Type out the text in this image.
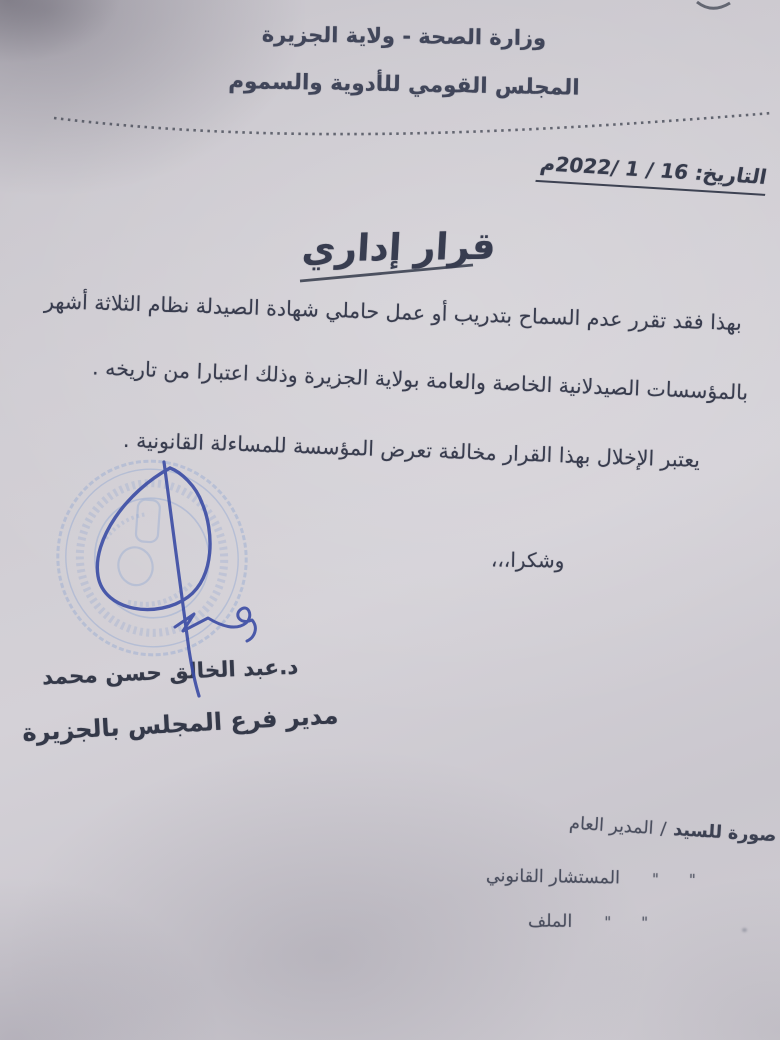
وزارة الصحة - ولاية الجزيرة
المجلس القومي للأدوية والسموم
التاريخ: 16 / 1 /2022م
قرار إداري
بهذا فقد تقرر عدم السماح بتدريب أو عمل حاملي شهادة الصيدلة نظام الثلاثة أشهر
بالمؤسسات الصيدلانية الخاصة والعامة بولاية الجزيرة وذلك اعتبارا من تاريخه .
يعتبر الإخلال بهذا القرار مخالفة تعرض المؤسسة للمساءلة القانونية .
وشكرا،،،
د.عبد الخالق حسن محمد
مدير فرع المجلس بالجزيرة
صورة للسيد/المدير العام
""المستشار القانوني
""الملف
